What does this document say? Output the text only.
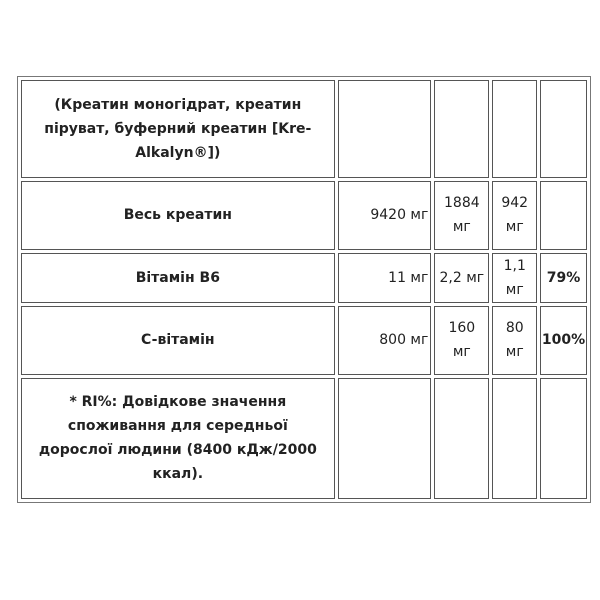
(Креатин моногідрат, креатин піруват, буферний креатин [Kre-Alkalyn®])				
Весь креатин	9420 мг	1884 мг	942 мг	
Вітамін B6	11 мг	2,2 мг	1,1 мг	79%
C-вітамін	800 мг	160 мг	80 мг	100%
* RI%: Довідкове значення споживання для середньої дорослої людини (8400 кДж/2000 ккал).				
